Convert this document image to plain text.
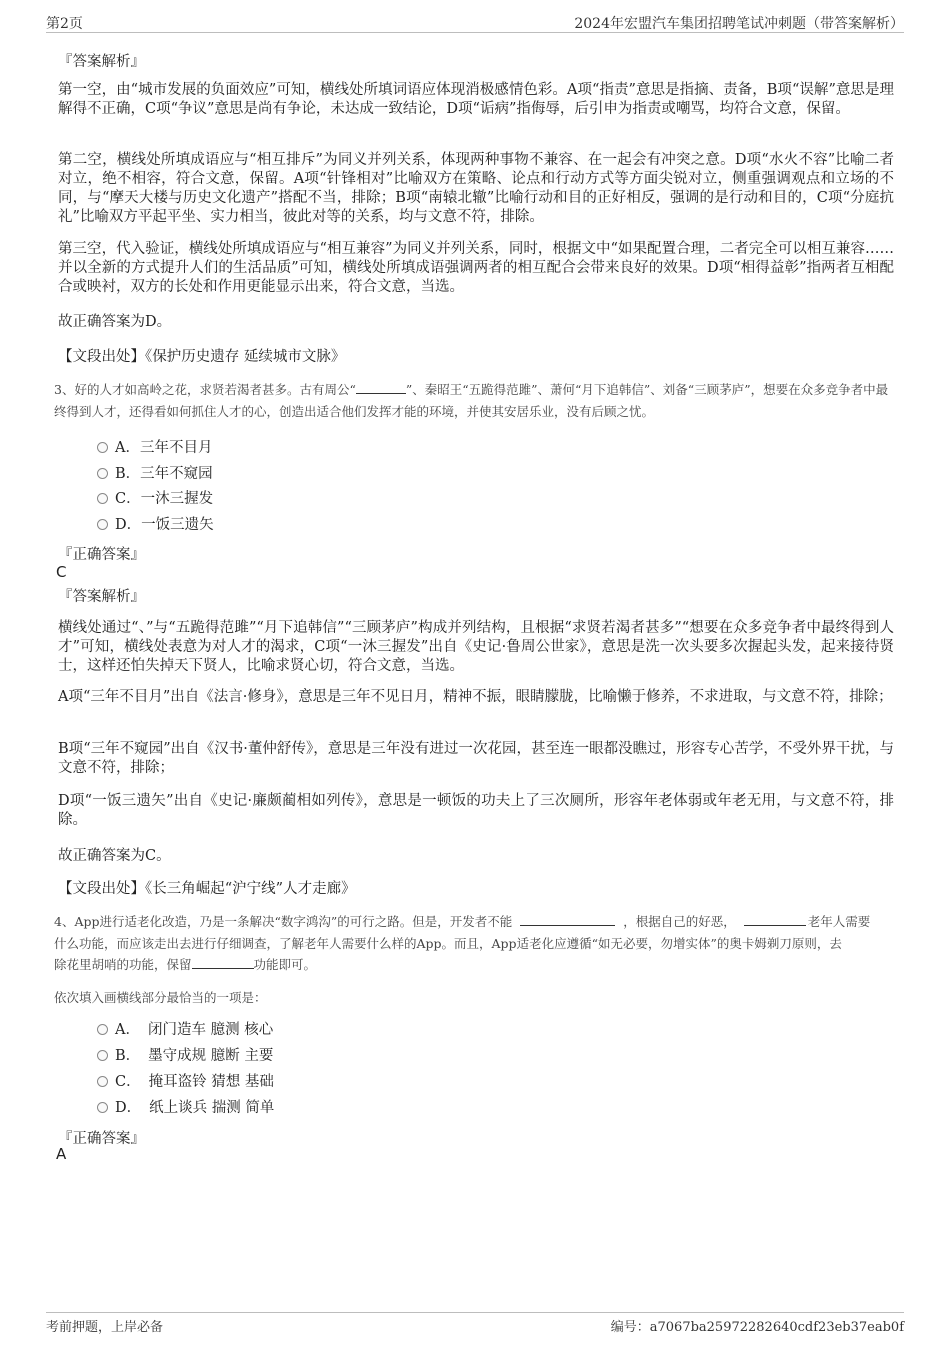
第2页	2024年宏盟汽车集团招聘笔试冲刺题（带答案解析）
『答案解析』

第一空，由“城市发展的负面效应”可知，横线处所填词语应体现消极感情色彩。A项“指责”意思是指摘、责备，B项“误解”意思是理解得不正确，C项“争议”意思是尚有争论，未达成一致结论，D项“诟病”指侮辱，后引申为指责或嘲骂，均符合文意，保留。

第二空，横线处所填成语应与“相互排斥”为同义并列关系，体现两种事物不兼容、在一起会有冲突之意。D项“水火不容”比喻二者对立，绝不相容，符合文意，保留。A项“针锋相对”比喻双方在策略、论点和行动方式等方面尖锐对立，侧重强调观点和立场的不同，与“摩天大楼与历史文化遗产”搭配不当，排除；B项“南辕北辙”比喻行动和目的正好相反，强调的是行动和目的，C项“分庭抗礼”比喻双方平起平坐、实力相当，彼此对等的关系，均与文意不符，排除。

第三空，代入验证，横线处所填成语应与“相互兼容”为同义并列关系，同时，根据文中“如果配置合理，二者完全可以相互兼容……并以全新的方式提升人们的生活品质”可知，横线处所填成语强调两者的相互配合会带来良好的效果。D项“相得益彰”指两者互相配合或映衬，双方的长处和作用更能显示出来，符合文意，当选。

故正确答案为D。
【文段出处】《保护历史遗存 延续城市文脉》

3、好的人才如高岭之花，求贤若渴者甚多。古有周公“	”、秦昭王“五跪得范雎”、萧何“月下追韩信”、刘备“三顾茅庐”，想要在众多竞争者中最终得到人才，还得看如何抓住人才的心，创造出适合他们发挥才能的环境，并使其安居乐业，没有后顾之忧。

A．三年不目月
B．三年不窥园
C．一沐三握发
D．一饭三遗矢
『正确答案』
C
『答案解析』

横线处通过“、”与“五跪得范雎”“月下追韩信”“三顾茅庐”构成并列结构，且根据“求贤若渴者甚多”“想要在众多竞争者中最终得到人才”可知，横线处表意为对人才的渴求，C项“一沐三握发”出自《史记·鲁周公世家》，意思是洗一次头要多次握起头发，起来接待贤士，这样还怕失掉天下贤人，比喻求贤心切，符合文意，当选。

A项“三年不目月”出自《法言·修身》，意思是三年不见日月，精神不振，眼睛朦胧，比喻懒于修养，不求进取，与文意不符，排除；

B项“三年不窥园”出自《汉书·董仲舒传》，意思是三年没有进过一次花园，甚至连一眼都没瞧过，形容专心苦学，不受外界干扰，与文意不符，排除；

D项“一饭三遗矢”出自《史记·廉颇蔺相如列传》，意思是一顿饭的功夫上了三次厕所，形容年老体弱或年老无用，与文意不符，排除。

故正确答案为C。
【文段出处】《长三角崛起“沪宁线”人才走廊》

4、App进行适老化改造，乃是一条解决“数字鸿沟”的可行之路。但是，开发者不能	，根据自己的好恶，	老年人需要
什么功能，而应该走出去进行仔细调查，了解老年人需要什么样的App。而且，App适老化应遵循“如无必要，勿增实体”的奥卡姆剃刀原则，去
除花里胡哨的功能，保留	功能即可。

依次填入画横线部分最恰当的一项是：
A． 闭门造车 臆测 核心
B． 墨守成规 臆断 主要
C． 掩耳盗铃 猜想 基础
D． 纸上谈兵 揣测 简单
『正确答案』
A
考前押题，上岸必备	编号：a7067ba25972282640cdf23eb37eab0f
